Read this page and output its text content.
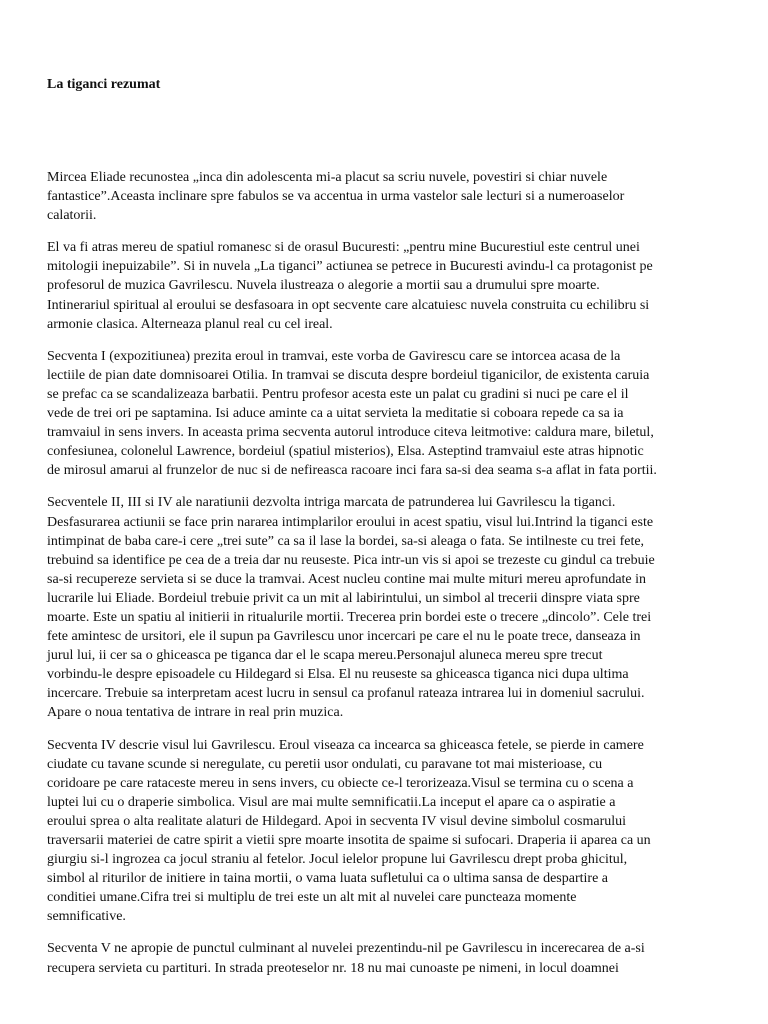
La tiganci rezumat

Mircea Eliade recunostea „inca din adolescenta mi-a placut sa scriu nuvele, povestiri si chiar nuvele
fantastice”.Aceasta inclinare spre fabulos se va accentua in urma vastelor sale lecturi si a numeroaselor
calatorii.

El va fi atras mereu de spatiul romanesc si de orasul Bucuresti: „pentru mine Bucurestiul este centrul unei
mitologii inepuizabile”. Si in nuvela „La tiganci” actiunea se petrece in Bucuresti avindu-l ca protagonist pe
profesorul de muzica Gavrilescu. Nuvela ilustreaza o alegorie a mortii sau a drumului spre moarte.
Intinerariul spiritual al eroului se desfasoara in opt secvente care alcatuiesc nuvela construita cu echilibru si
armonie clasica. Alterneaza planul real cu cel ireal.

Secventa I (expozitiunea) prezita eroul in tramvai, este vorba de Gavirescu care se intorcea acasa de la
lectiile de pian date domnisoarei Otilia. In tramvai se discuta despre bordeiul tiganicilor, de existenta caruia
se prefac ca se scandalizeaza barbatii. Pentru profesor acesta este un palat cu gradini si nuci pe care el il
vede de trei ori pe saptamina. Isi aduce aminte ca a uitat servieta la meditatie si coboara repede ca sa ia
tramvaiul in sens invers. In aceasta prima secventa autorul introduce citeva leitmotive: caldura mare, biletul,
confesiunea, colonelul Lawrence, bordeiul (spatiul misterios), Elsa. Asteptind tramvaiul este atras hipnotic
de mirosul amarui al frunzelor de nuc si de nefireasca racoare inci fara sa-si dea seama s-a aflat in fata portii.

Secventele II, III si IV ale naratiunii dezvolta intriga marcata de patrunderea lui Gavrilescu la tiganci.
Desfasurarea actiunii se face prin nararea intimplarilor eroului in acest spatiu, visul lui.Intrind la tiganci este
intimpinat de baba care-i cere „trei sute” ca sa il lase la bordei, sa-si aleaga o fata. Se intilneste cu trei fete,
trebuind sa identifice pe cea de a treia dar nu reuseste. Pica intr-un vis si apoi se trezeste cu gindul ca trebuie
sa-si recupereze servieta si se duce la tramvai. Acest nucleu contine mai multe mituri mereu aprofundate in
lucrarile lui Eliade. Bordeiul trebuie privit ca un mit al labirintului, un simbol al trecerii dinspre viata spre
moarte. Este un spatiu al initierii in ritualurile mortii. Trecerea prin bordei este o trecere „dincolo”. Cele trei
fete amintesc de ursitori, ele il supun pa Gavrilescu unor incercari pe care el nu le poate trece, danseaza in
jurul lui, ii cer sa o ghiceasca pe tiganca dar el le scapa mereu.Personajul aluneca mereu spre trecut
vorbindu-le despre episoadele cu Hildegard si Elsa. El nu reuseste sa ghiceasca tiganca nici dupa ultima
incercare. Trebuie sa interpretam acest lucru in sensul ca profanul rateaza intrarea lui in domeniul sacrului.
Apare o noua tentativa de intrare in real prin muzica.

Secventa IV descrie visul lui Gavrilescu. Eroul viseaza ca incearca sa ghiceasca fetele, se pierde in camere
ciudate cu tavane scunde si neregulate, cu peretii usor ondulati, cu paravane tot mai misterioase, cu
coridoare pe care rataceste mereu in sens invers, cu obiecte ce-l terorizeaza.Visul se termina cu o scena a
luptei lui cu o draperie simbolica. Visul are mai multe semnificatii.La inceput el apare ca o aspiratie a
eroului sprea o alta realitate alaturi de Hildegard. Apoi in secventa IV visul devine simbolul cosmarului
traversarii materiei de catre spirit a vietii spre moarte insotita de spaime si sufocari. Draperia ii apareа ca un
giurgiu si-l ingrozea ca jocul straniu al fetelor. Jocul ielelor propune lui Gavrilescu drept proba ghicitul,
simbol al riturilor de initiere in taina mortii, o vama luata sufletului ca o ultima sansa de despartire a
conditiei umane.Cifra trei si multiplu de trei este un alt mit al nuvelei care puncteaza momente
semnificative.

Secventa V ne apropie de punctul culminant al nuvelei prezentindu-nil pe Gavrilescu in incerecarea de a-si
recupera servieta cu partituri. In strada preoteselor nr. 18 nu mai cunoaste pe nimeni, in locul doamnei
